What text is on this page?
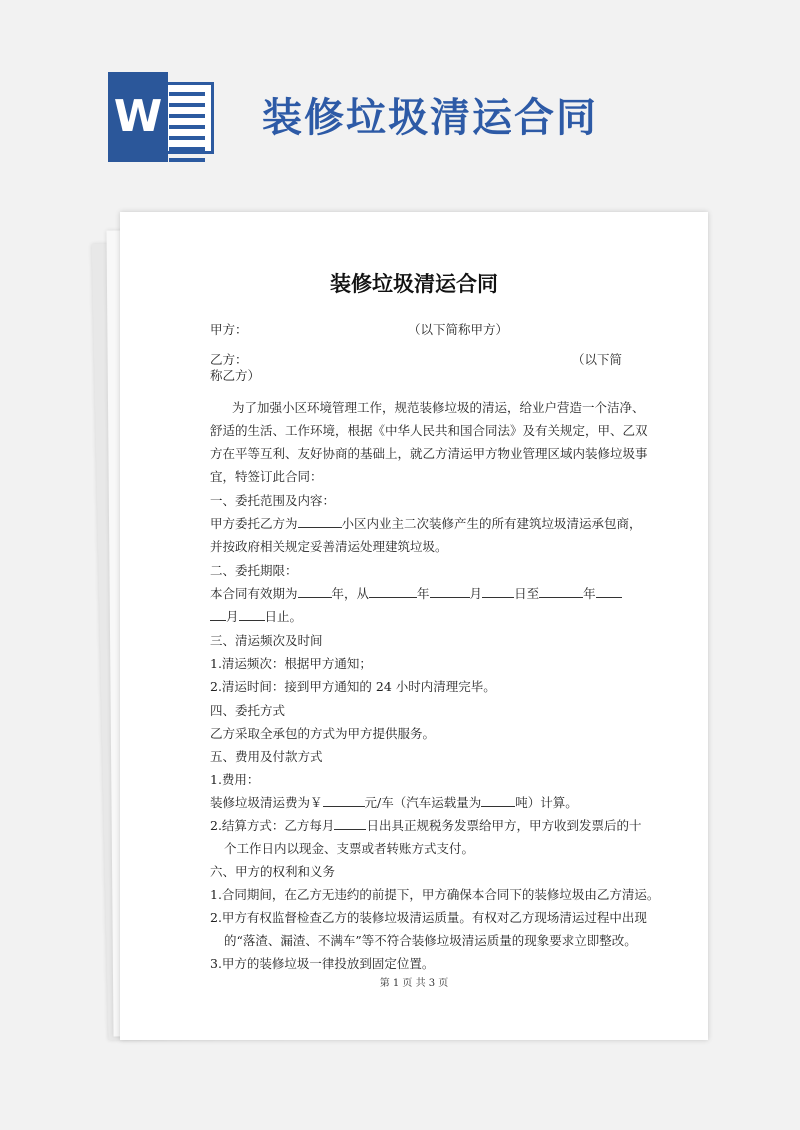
W 装修垃圾清运合同
装修垃圾清运合同
甲方：	（以下简称甲方）
乙方：	（以下简
称乙方）
为了加强小区环境管理工作，规范装修垃圾的清运，给业户营造一个洁净、
舒适的生活、工作环境，根据《中华人民共和国合同法》及有关规定，甲、乙双
方在平等互利、友好协商的基础上，就乙方清运甲方物业管理区域内装修垃圾事
宜，特签订此合同：
一、委托范围及内容：
甲方委托乙方为	小区内业主二次装修产生的所有建筑垃圾清运承包商，
并按政府相关规定妥善清运处理建筑垃圾。
二、委托期限：
本合同有效期为	年，从	年	月	日至	年
月 日止。
三、清运频次及时间
1.清运频次：根据甲方通知；
2.清运时间：接到甲方通知的 24 小时内清理完毕。
四、委托方式
乙方采取全承包的方式为甲方提供服务。
五、费用及付款方式
1.费用：
装修垃圾清运费为￥	元/车（汽车运载量为	吨）计算。
2.结算方式：乙方每月	日出具正规税务发票给甲方，甲方收到发票后的十
个工作日内以现金、支票或者转账方式支付。
六、甲方的权利和义务
1.合同期间，在乙方无违约的前提下，甲方确保本合同下的装修垃圾由乙方清运。
2.甲方有权监督检查乙方的装修垃圾清运质量。有权对乙方现场清运过程中出现
的“落渣、漏渣、不满车”等不符合装修垃圾清运质量的现象要求立即整改。
3.甲方的装修垃圾一律投放到固定位置。
第 1 页 共 3 页
